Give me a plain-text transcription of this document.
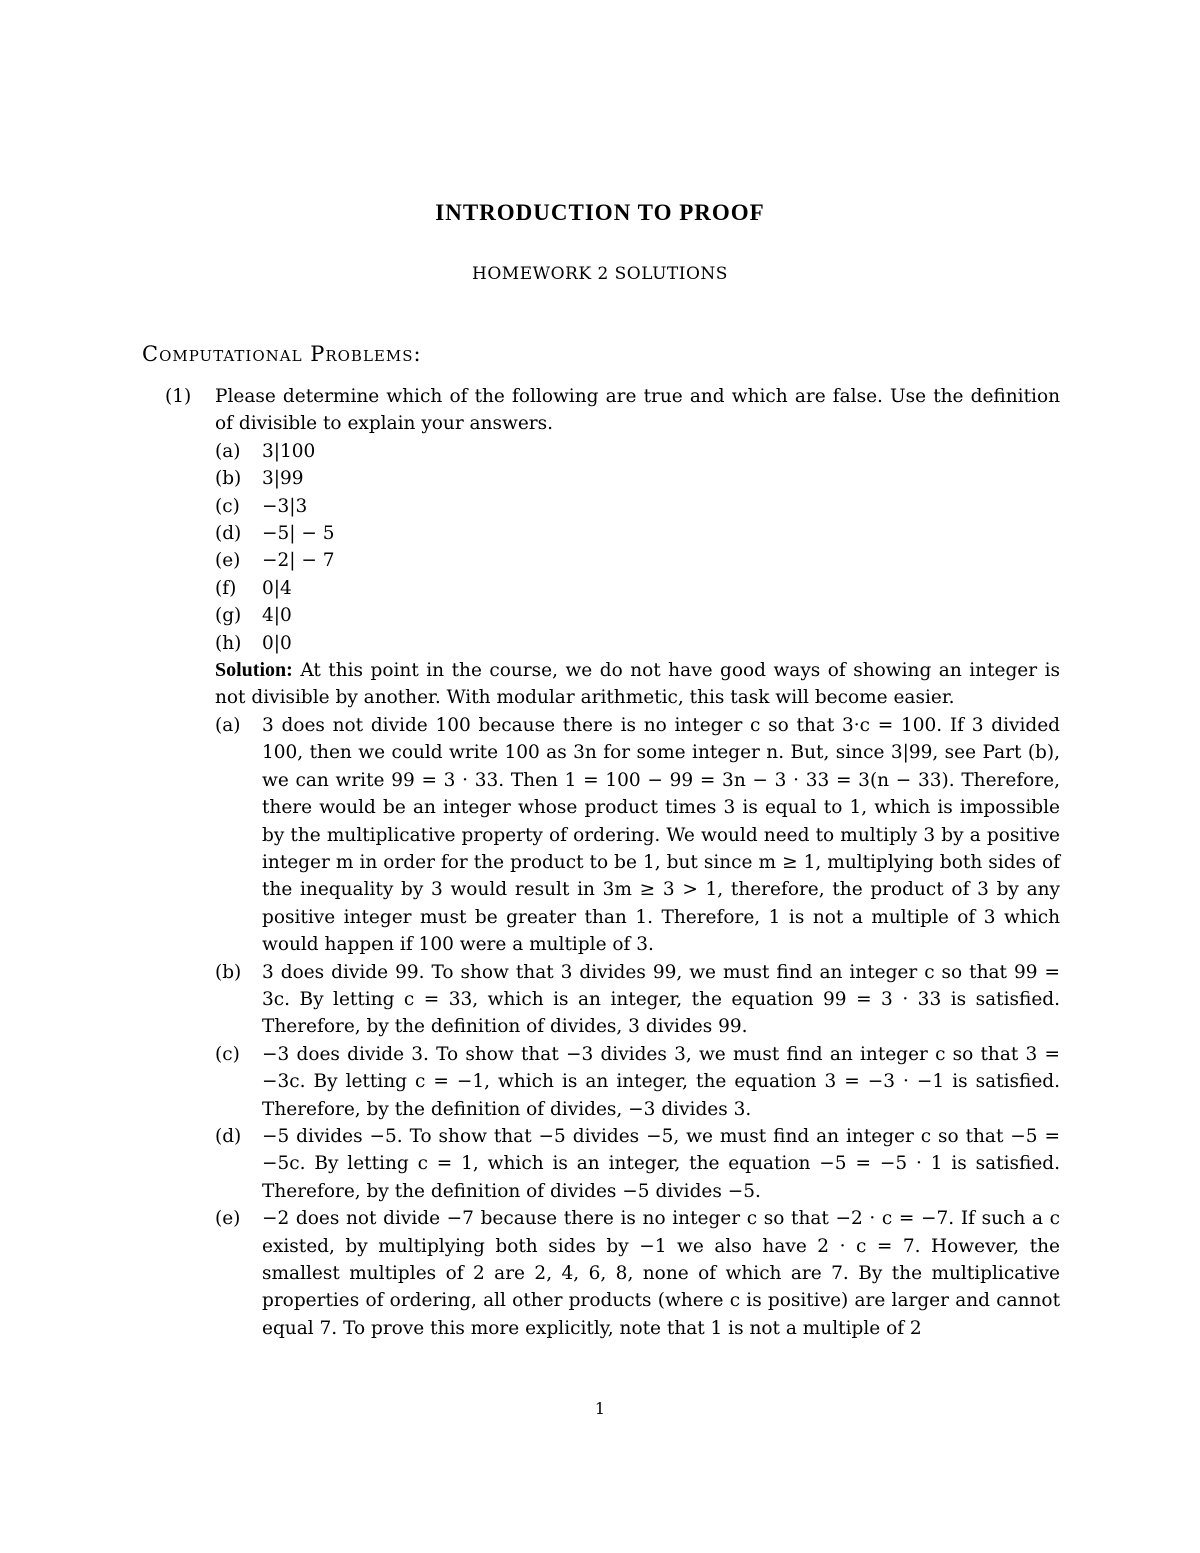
INTRODUCTION TO PROOF
HOMEWORK 2 SOLUTIONS
Computational Problems:
(1)	Please determine which of the following are true and which are false. Use the definition of divisible to explain your answers.
(a)	3|100
(b)	3|99
(c)	−3|3
(d)	−5| − 5
(e)	−2| − 7
(f)	0|4
(g)	4|0
(h)	0|0
Solution: At this point in the course, we do not have good ways of showing an integer is not divisible by another. With modular arithmetic, this task will become easier.
(a)	3 does not divide 100 because there is no integer c so that 3·c = 100. If 3 divided 100, then we could write 100 as 3n for some integer n. But, since 3|99, see Part (b), we can write 99 = 3 · 33. Then 1 = 100 − 99 = 3n − 3 · 33 = 3(n − 33). Therefore, there would be an integer whose product times 3 is equal to 1, which is impossible by the multiplicative property of ordering. We would need to multiply 3 by a positive integer m in order for the product to be 1, but since m ≥ 1, multiplying both sides of the inequality by 3 would result in 3m ≥ 3 > 1, therefore, the product of 3 by any positive integer must be greater than 1. Therefore, 1 is not a multiple of 3 which would happen if 100 were a multiple of 3.
(b)	3 does divide 99. To show that 3 divides 99, we must find an integer c so that 99 = 3c. By letting c = 33, which is an integer, the equation 99 = 3 · 33 is satisfied. Therefore, by the definition of divides, 3 divides 99.
(c)	−3 does divide 3. To show that −3 divides 3, we must find an integer c so that 3 = −3c. By letting c = −1, which is an integer, the equation 3 = −3 · −1 is satisfied. Therefore, by the definition of divides, −3 divides 3.
(d)	−5 divides −5. To show that −5 divides −5, we must find an integer c so that −5 = −5c. By letting c = 1, which is an integer, the equation −5 = −5 · 1 is satisfied. Therefore, by the definition of divides −5 divides −5.
(e)	−2 does not divide −7 because there is no integer c so that −2 · c = −7. If such a c existed, by multiplying both sides by −1 we also have 2 · c = 7. However, the smallest multiples of 2 are 2, 4, 6, 8, none of which are 7. By the multiplicative properties of ordering, all other products (where c is positive) are larger and cannot equal 7. To prove this more explicitly, note that 1 is not a multiple of 2
1
